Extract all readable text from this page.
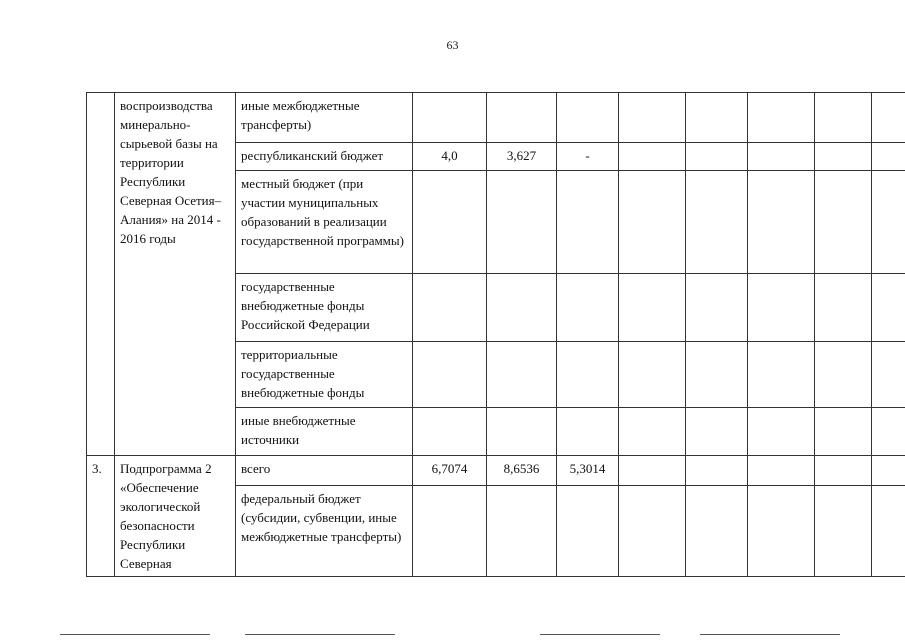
63
	воспроизводства минерально-сырьевой базы на территории Республики Северная Осетия–Алания» на 2014 - 2016 годы	иные межбюджетные трансферты)									
		республиканский бюджет	4,0	3,627	-						
		местный бюджет (при участии муниципальных образований в реализации государственной программы)									
		государственные внебюджетные фонды Российской Федерации									
		территориальные государственные внебюджетные фонды									
		иные внебюджетные источники									
3.	Подпрограмма 2 «Обеспечение экологической безопасности Республики Северная	всего	6,7074	8,6536	5,3014						
		федеральный бюджет (субсидии, субвенции, иные межбюджетные трансферты)									
